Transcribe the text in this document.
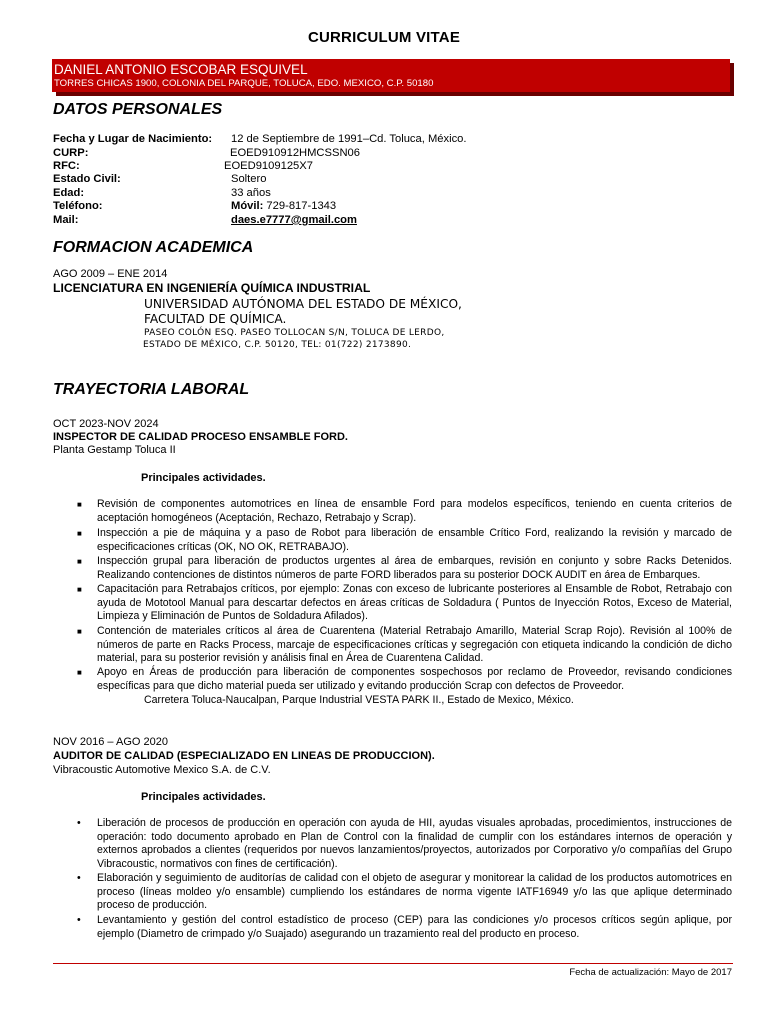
CURRICULUM VITAE
DANIEL ANTONIO ESCOBAR ESQUIVEL
TORRES CHICAS 1900, COLONIA DEL PARQUE, TOLUCA, EDO. MEXICO, C.P. 50180
DATOS PERSONALES
Fecha y Lugar de Nacimiento: 12 de Septiembre de 1991–Cd. Toluca, México.
CURP:	EOED910912HMCSSN06
RFC:	EOED9109125X7
Estado Civil:	Soltero
Edad:	33 años
Teléfono:	Móvil: 729-817-1343
Mail:	daes.e7777@gmail.com
FORMACION ACADEMICA
AGO 2009 – ENE 2014
LICENCIATURA EN INGENIERÍA QUÍMICA INDUSTRIAL
UNIVERSIDAD AUTÓNOMA DEL ESTADO DE MÉXICO,
FACULTAD DE QUÍMICA.
PASEO COLÓN ESQ. PASEO TOLLOCAN S/N, TOLUCA DE LERDO,
ESTADO DE MÉXICO, C.P. 50120, TEL: 01(722) 2173890.
TRAYECTORIA LABORAL
OCT 2023-NOV 2024
INSPECTOR DE CALIDAD PROCESO ENSAMBLE FORD.
Planta Gestamp Toluca II
Principales actividades.
■	Revisión de componentes automotrices en línea de ensamble Ford para modelos específicos, teniendo en cuenta criterios de aceptación homogéneos (Aceptación, Rechazo, Retrabajo y Scrap).
■	Inspección a pie de máquina y a paso de Robot para liberación de ensamble Crítico Ford, realizando la revisión y marcado de especificaciones críticas (OK, NO OK, RETRABAJO).
■	Inspección grupal para liberación de productos urgentes al área de embarques, revisión en conjunto y sobre Racks Detenidos. Realizando contenciones de distintos números de parte FORD liberados para su posterior DOCK AUDIT en área de Embarques.
■	Capacitación para Retrabajos críticos, por ejemplo: Zonas con exceso de lubricante posteriores al Ensamble de Robot, Retrabajo con ayuda de Mototool Manual para descartar defectos en áreas críticas de Soldadura ( Puntos de Inyección Rotos, Exceso de Material, Limpieza y Eliminación de Puntos de Soldadura Afilados).
■	Contención de materiales críticos al área de Cuarentena (Material Retrabajo Amarillo, Material Scrap Rojo). Revisión al 100% de números de parte en Racks Process, marcaje de especificaciones críticas y segregación con etiqueta indicando la condición de dicho material, para su posterior revisión y análisis final en Área de Cuarentena Calidad.
■	Apoyo en Áreas de producción para liberación de componentes sospechosos por reclamo de Proveedor, revisando condiciones específicas para que dicho material pueda ser utilizado y evitando producción Scrap con defectos de Proveedor.
Carretera Toluca-Naucalpan, Parque Industrial VESTA PARK II., Estado de Mexico, México.
NOV 2016 – AGO 2020
AUDITOR DE CALIDAD (ESPECIALIZADO EN LINEAS DE PRODUCCION).
Vibracoustic Automotive Mexico S.A. de C.V.
Principales actividades.
•	Liberación de procesos de producción en operación con ayuda de HII, ayudas visuales aprobadas, procedimientos, instrucciones de operación: todo documento aprobado en Plan de Control con la finalidad de cumplir con los estándares internos de operación y externos aprobados a clientes (requeridos por nuevos lanzamientos/proyectos, autorizados por Corporativo y/o compañías del Grupo Vibracoustic, normativos con fines de certificación).
•	Elaboración y seguimiento de auditorías de calidad con el objeto de asegurar y monitorear la calidad de los productos automotrices en proceso (líneas moldeo y/o ensamble) cumpliendo los estándares de norma vigente IATF16949 y/o las que aplique determinado proceso de producción.
•	Levantamiento y gestión del control estadístico de proceso (CEP) para las condiciones y/o procesos críticos según aplique, por ejemplo (Diametro de crimpado y/o Suajado) asegurando un trazamiento real del producto en proceso.
Fecha de actualización: Mayo de 2017
